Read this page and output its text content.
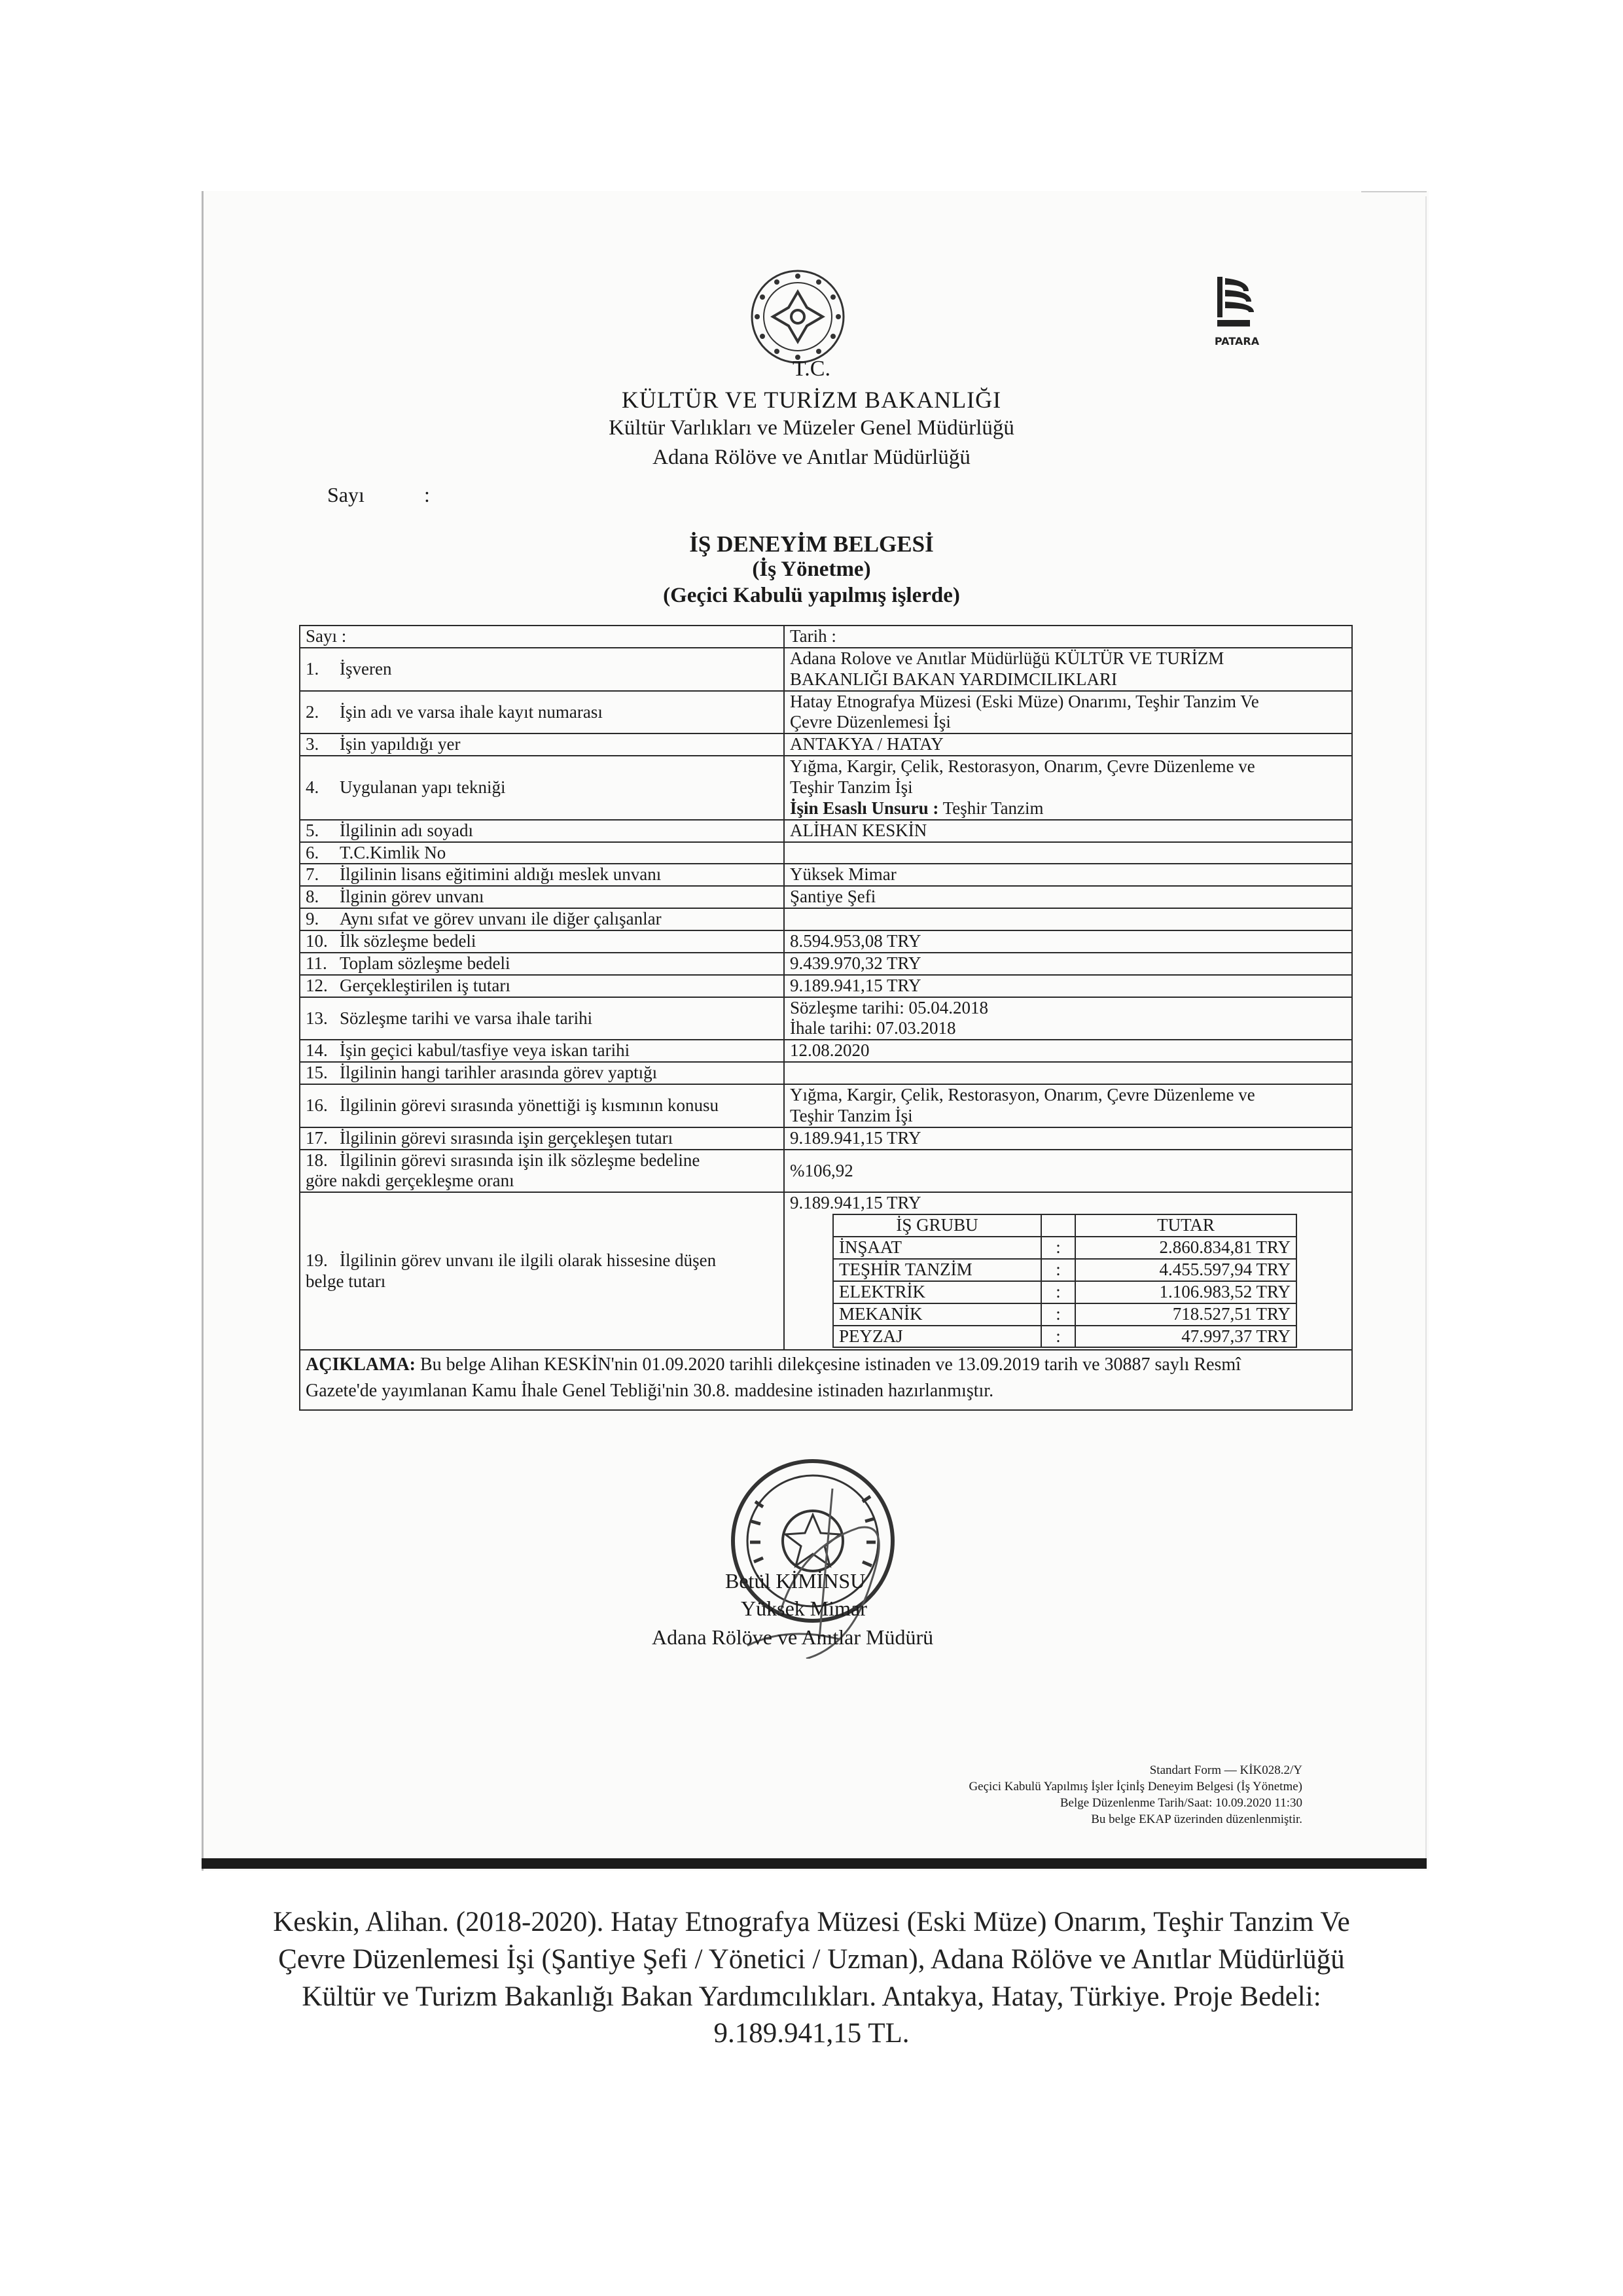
PATARA
T.C.
KÜLTÜR VE TURİZM BAKANLIĞI
Kültür Varlıkları ve Müzeler Genel Müdürlüğü
Adana Rölöve ve Anıtlar Müdürlüğü
Sayı	:
İŞ DENEYİM BELGESİ
(İş Yönetme)
(Geçici Kabulü yapılmış işlerde)
Sayı :	Tarih :
1. İşveren	Adana Rolove ve Anıtlar Müdürlüğü KÜLTÜR VE TURİZM
BAKANLIĞI BAKAN YARDIMCILIKLARI
2. İşin adı ve varsa ihale kayıt numarası	Hatay Etnografya Müzesi (Eski Müze) Onarımı, Teşhir Tanzim Ve
Çevre Düzenlemesi İşi
3. İşin yapıldığı yer	ANTAKYA / HATAY
4. Uygulanan yapı tekniği	Yığma, Kargir, Çelik, Restorasyon, Onarım, Çevre Düzenleme ve
Teşhir Tanzim İşi
İşin Esaslı Unsuru : Teşhir Tanzim
5. İlgilinin adı soyadı	ALİHAN KESKİN
6. T.C.Kimlik No	
7. İlgilinin lisans eğitimini aldığı meslek unvanı	Yüksek Mimar
8. İlginin görev unvanı	Şantiye Şefi
9. Aynı sıfat ve görev unvanı ile diğer çalışanlar	
10. İlk sözleşme bedeli	8.594.953,08 TRY
11. Toplam sözleşme bedeli	9.439.970,32 TRY
12. Gerçekleştirilen iş tutarı	9.189.941,15 TRY
13. Sözleşme tarihi ve varsa ihale tarihi	Sözleşme tarihi: 05.04.2018
İhale tarihi: 07.03.2018
14. İşin geçici kabul/tasfiye veya iskan tarihi	12.08.2020
15. İlgilinin hangi tarihler arasında görev yaptığı	
16. İlgilinin görevi sırasında yönettiği iş kısmının konusu	Yığma, Kargir, Çelik, Restorasyon, Onarım, Çevre Düzenleme ve
Teşhir Tanzim İşi
17. İlgilinin görevi sırasında işin gerçekleşen tutarı	9.189.941,15 TRY
18. İlgilinin görevi sırasında işin ilk sözleşme bedeline
göre nakdi gerçekleşme oranı	%106,92
19. İlgilinin görev unvanı ile ilgili olarak hissesine düşen
belge tutarı	
9.189.941,15 TRY
İŞ GRUBU		TUTAR
İNŞAAT	:	2.860.834,81 TRY
TEŞHİR TANZİM	:	4.455.597,94 TRY
ELEKTRİK	:	1.106.983,52 TRY
MEKANİK	:	718.527,51 TRY
PEYZAJ	:	47.997,37 TRY

AÇIKLAMA: Bu belge Alihan KESKİN'nin 01.09.2020 tarihli dilekçesine istinaden ve 13.09.2019 tarih ve 30887 saylı Resmî
Gazete'de yayımlanan Kamu İhale Genel Tebliği'nin 30.8. maddesine istinaden hazırlanmıştır.
Betül KİMİNSU
Yüksek Mimar
Adana Rölöve ve Anıtlar Müdürü
Standart Form — KİK028.2/Y
Geçici Kabulü Yapılmış İşler İçinİş Deneyim Belgesi (İş Yönetme)
Belge Düzenlenme Tarih/Saat: 10.09.2020 11:30
Bu belge EKAP üzerinden düzenlenmiştir.
Keskin, Alihan. (2018-2020). Hatay Etnografya Müzesi (Eski Müze) Onarım, Teşhir Tanzim Ve
Çevre Düzenlemesi İşi (Şantiye Şefi / Yönetici / Uzman), Adana Rölöve ve Anıtlar Müdürlüğü
Kültür ve Turizm Bakanlığı Bakan Yardımcılıkları. Antakya, Hatay, Türkiye. Proje Bedeli:
9.189.941,15 TL.
